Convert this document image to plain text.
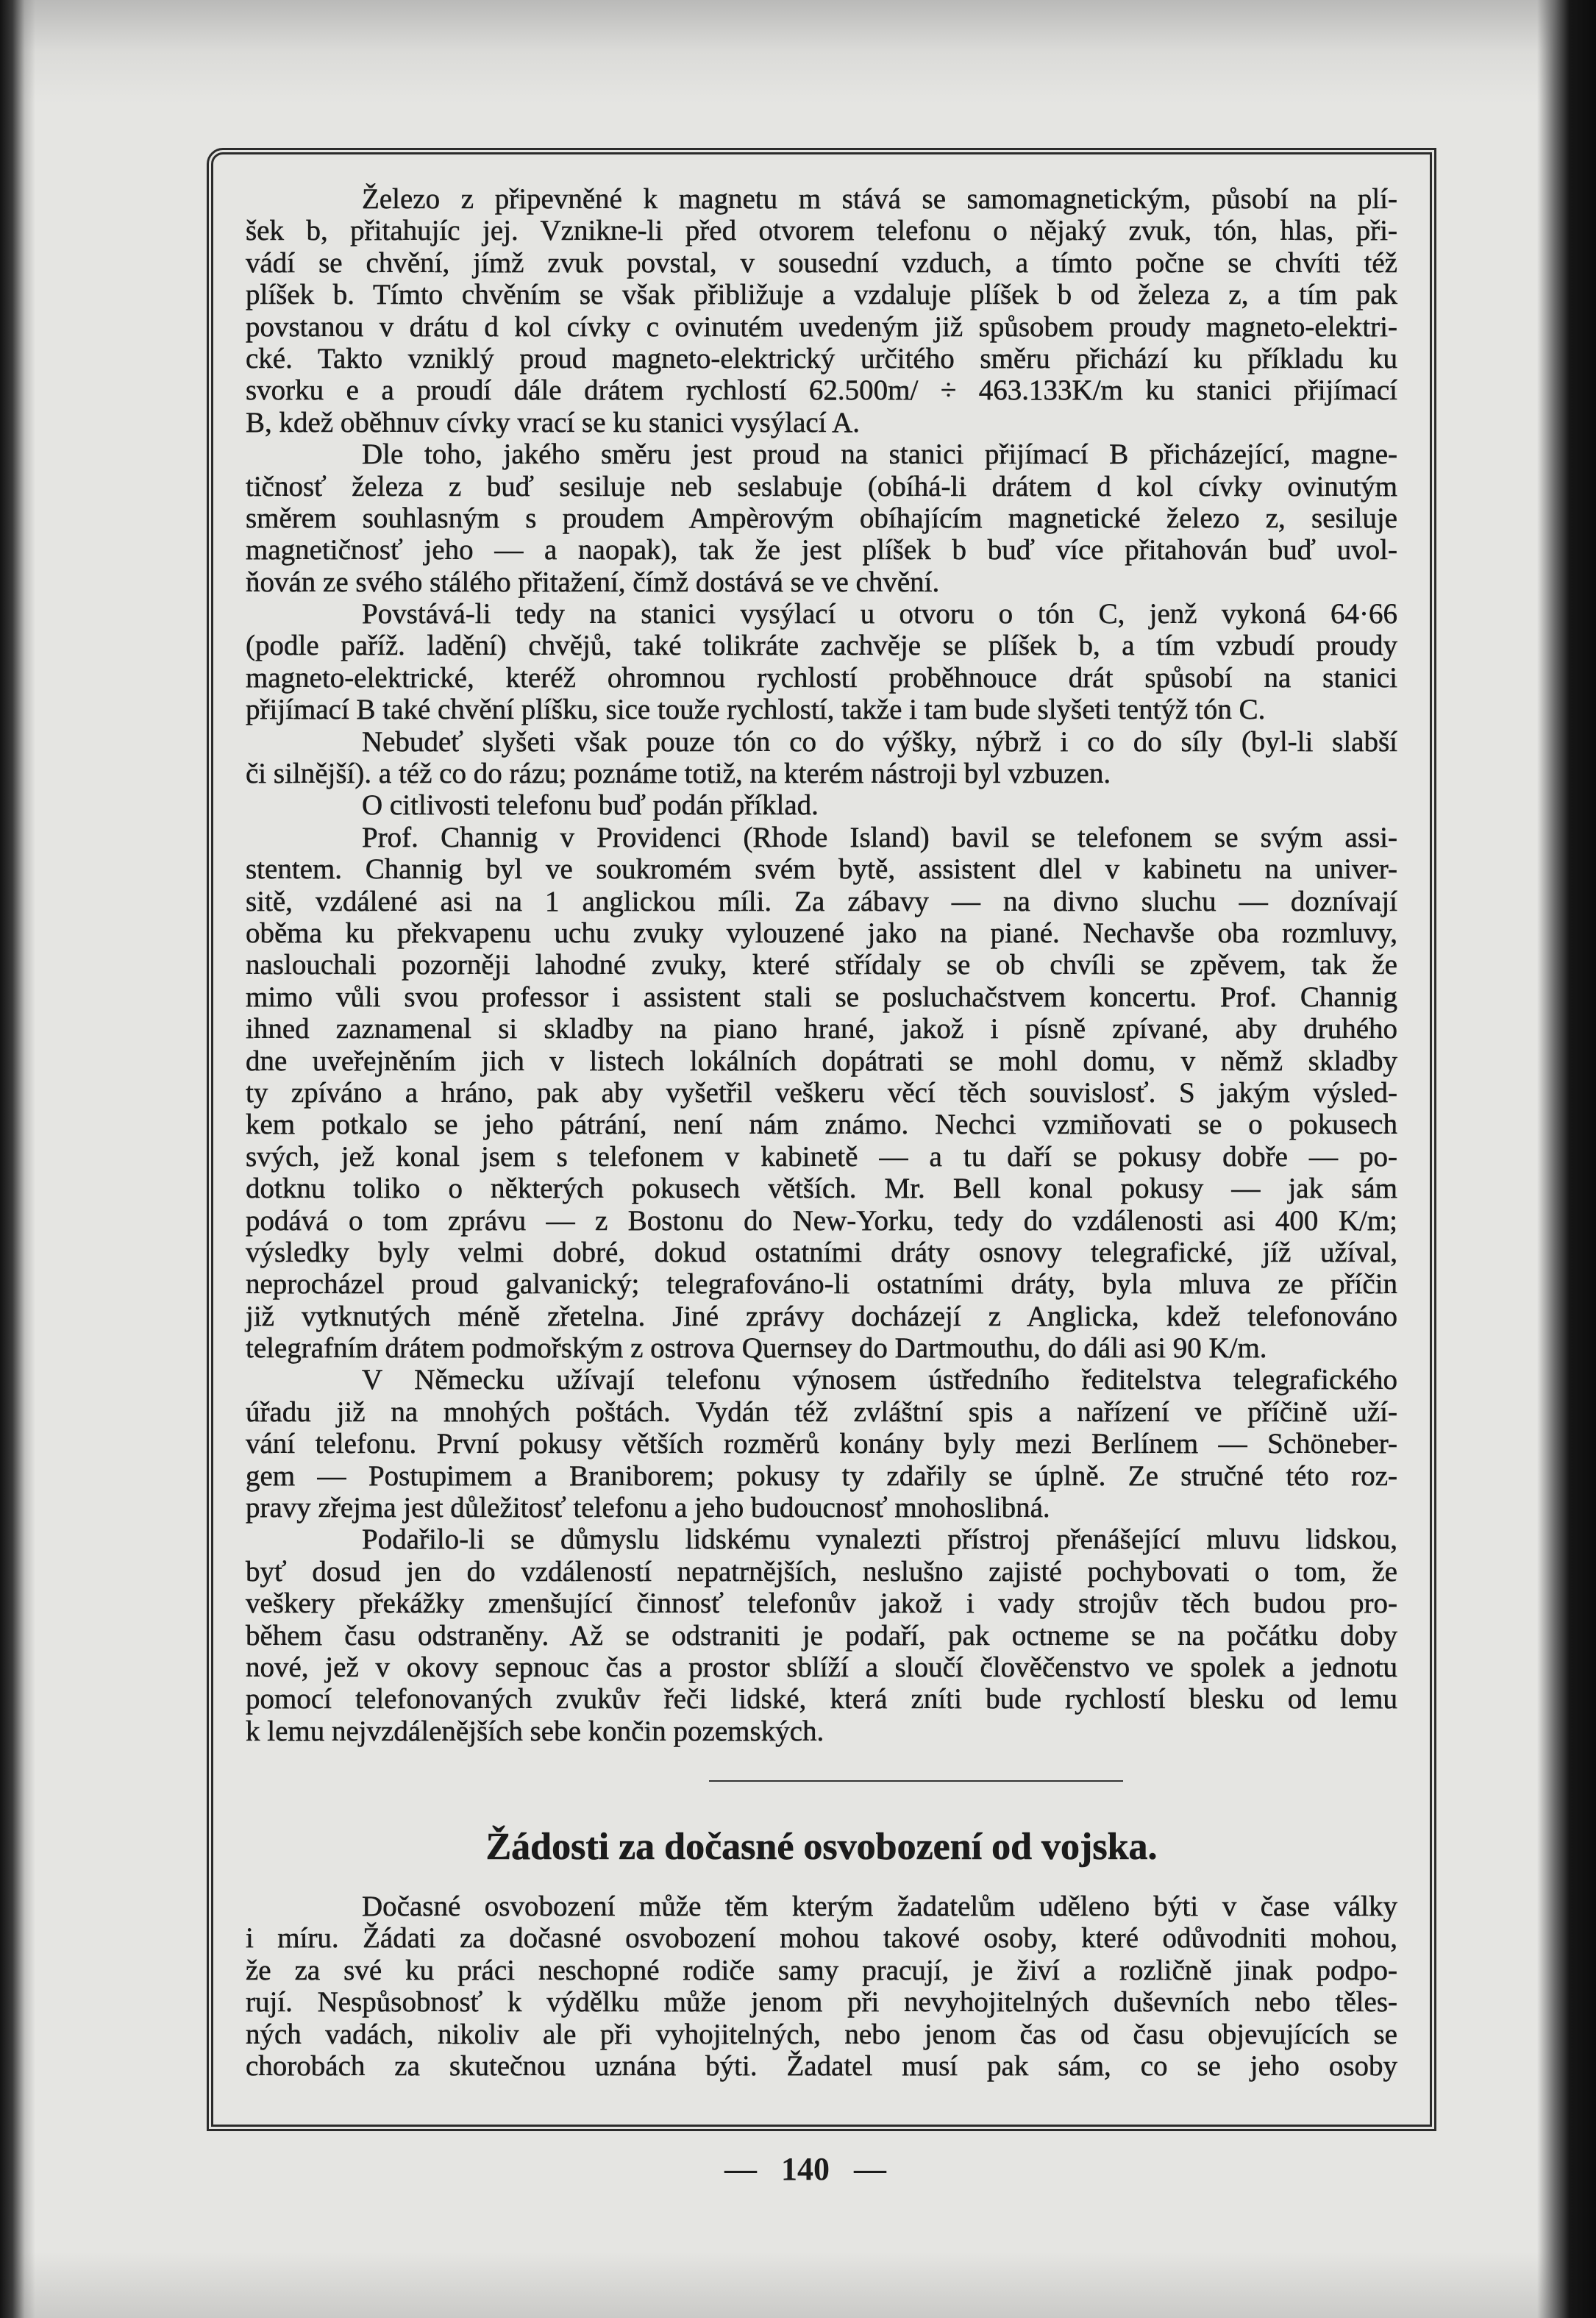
Železo z připevněné k magnetu m stává se samomagnetickým, působí na plí-
šek b, přitahujíc jej. Vznikne-li před otvorem telefonu o nějaký zvuk, tón, hlas, při-
vádí se chvění, jímž zvuk povstal, v sousední vzduch, a tímto počne se chvíti též
plíšek b. Tímto chvěním se však přibližuje a vzdaluje plíšek b od železa z, a tím pak
povstanou v drátu d kol cívky c ovinutém uvedeným již spůsobem proudy magneto-elektri-
cké. Takto vzniklý proud magneto-elektrický určitého směru přichází ku příkladu ku
svorku e a proudí dále drátem rychlostí 62.500m/ ÷ 463.133K/m ku stanici přijímací
B, kdež oběhnuv cívky vrací se ku stanici vysýlací A.
Dle toho, jakého směru jest proud na stanici přijímací B přicházející, magne-
tičnosť železa z buď sesiluje neb seslabuje (obíhá-li drátem d kol cívky ovinutým
směrem souhlasným s proudem Ampèrovým obíhajícím magnetické železo z, sesiluje
magnetičnosť jeho — a naopak), tak že jest plíšek b buď více přitahován buď uvol-
ňován ze svého stálého přitažení, čímž dostává se ve chvění.
Povstává-li tedy na stanici vysýlací u otvoru o tón C, jenž vykoná 64·66
(podle paříž. ladění) chvějů, také tolikráte zachvěje se plíšek b, a tím vzbudí proudy
magneto-elektrické, kteréž ohromnou rychlostí proběhnouce drát spůsobí na stanici
přijímací B také chvění plíšku, sice touže rychlostí, takže i tam bude slyšeti tentýž tón C.
Nebudeť slyšeti však pouze tón co do výšky, nýbrž i co do síly (byl-li slabší
či silnější). a též co do rázu; poznáme totiž, na kterém nástroji byl vzbuzen.
O citlivosti telefonu buď podán příklad.
Prof. Channig v Providenci (Rhode Island) bavil se telefonem se svým assi-
stentem. Channig byl ve soukromém svém bytě, assistent dlel v kabinetu na univer-
sitě, vzdálené asi na 1 anglickou míli. Za zábavy — na divno sluchu — doznívají
oběma ku překvapenu uchu zvuky vylouzené jako na piané. Nechavše oba rozmluvy,
naslouchali pozorněji lahodné zvuky, které střídaly se ob chvíli se zpěvem, tak že
mimo vůli svou professor i assistent stali se posluchačstvem koncertu. Prof. Channig
ihned zaznamenal si skladby na piano hrané, jakož i písně zpívané, aby druhého
dne uveřejněním jich v listech lokálních dopátrati se mohl domu, v němž skladby
ty zpíváno a hráno, pak aby vyšetřil veškeru věcí těch souvislosť. S jakým výsled-
kem potkalo se jeho pátrání, není nám známo. Nechci vzmiňovati se o pokusech
svých, jež konal jsem s telefonem v kabinetě — a tu daří se pokusy dobře — po-
dotknu toliko o některých pokusech větších. Mr. Bell konal pokusy — jak sám
podává o tom zprávu — z Bostonu do New-Yorku, tedy do vzdálenosti asi 400 K/m;
výsledky byly velmi dobré, dokud ostatními dráty osnovy telegrafické, jíž užíval,
neprocházel proud galvanický; telegrafováno-li ostatními dráty, byla mluva ze příčin
již vytknutých méně zřetelna. Jiné zprávy docházejí z Anglicka, kdež telefonováno
telegrafním drátem podmořským z ostrova Quernsey do Dartmouthu, do dáli asi 90 K/m.
V Německu užívají telefonu výnosem ústředního ředitelstva telegrafického
úřadu již na mnohých poštách. Vydán též zvláštní spis a nařízení ve příčině uží-
vání telefonu. První pokusy větších rozměrů konány byly mezi Berlínem — Schöneber-
gem — Postupimem a Braniborem; pokusy ty zdařily se úplně. Ze stručné této roz-
pravy zřejma jest důležitosť telefonu a jeho budoucnosť mnohoslibná.
Podařilo-li se důmyslu lidskému vynalezti přístroj přenášející mluvu lidskou,
byť dosud jen do vzdáleností nepatrnějších, neslušno zajisté pochybovati o tom, že
veškery překážky zmenšující činnosť telefonův jakož i vady strojův těch budou pro-
během času odstraněny. Až se odstraniti je podaří, pak octneme se na počátku doby
nové, jež v okovy sepnouc čas a prostor sblíží a sloučí člověčenstvo ve spolek a jednotu
pomocí telefonovaných zvukův řeči lidské, která zníti bude rychlostí blesku od lemu
k lemu nejvzdálenějších sebe končin pozemských.
Žádosti za dočasné osvobození od vojska.
Dočasné osvobození může těm kterým žadatelům uděleno býti v čase války
i míru. Žádati za dočasné osvobození mohou takové osoby, které odůvodniti mohou,
že za své ku práci neschopné rodiče samy pracují, je živí a rozličně jinak podpo-
rují. Nespůsobnosť k výdělku může jenom při nevyhojitelných duševních nebo těles-
ných vadách, nikoliv ale při vyhojitelných, nebo jenom čas od času objevujících se
chorobách za skutečnou uznána býti. Žadatel musí pak sám, co se jeho osoby
— 140 —
